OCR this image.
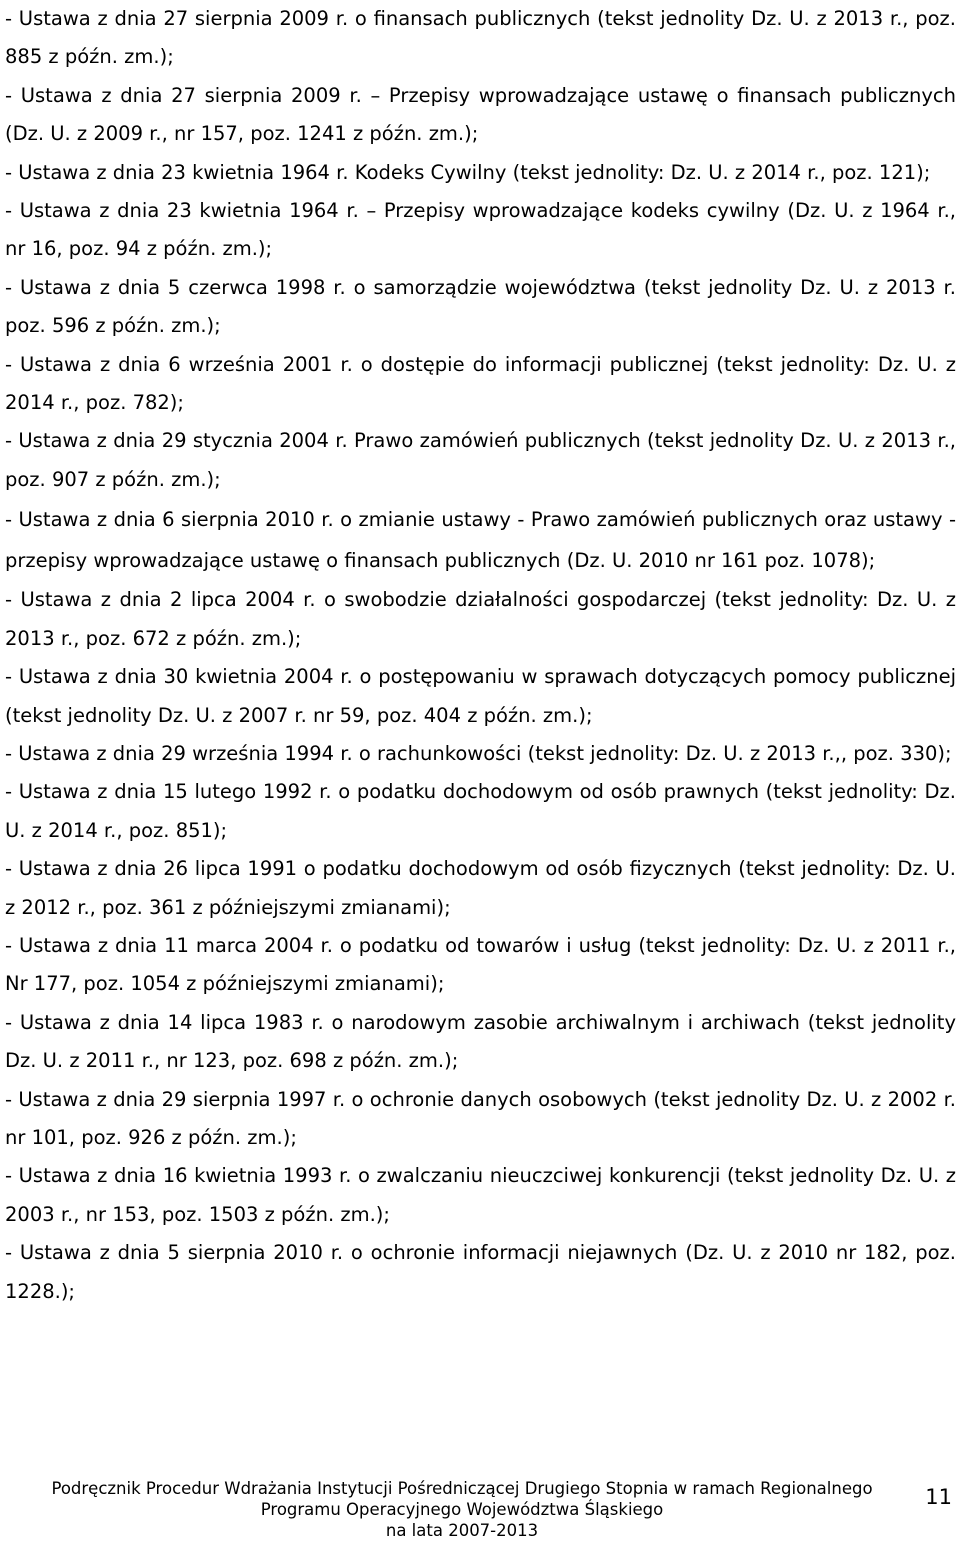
- Ustawa z dnia 27 sierpnia 2009 r. o finansach publicznych (tekst jednolity Dz. U. z 2013 r., poz. 885 z późn. zm.);

- Ustawa z dnia 27 sierpnia 2009 r. – Przepisy wprowadzające ustawę o finansach publicznych (Dz. U. z 2009 r., nr 157, poz. 1241 z późn. zm.);

- Ustawa z dnia 23 kwietnia 1964 r. Kodeks Cywilny (tekst jednolity: Dz. U. z 2014 r., poz. 121);

- Ustawa z dnia 23 kwietnia 1964 r. – Przepisy wprowadzające kodeks cywilny (Dz. U. z 1964 r., nr 16, poz. 94 z późn. zm.);

- Ustawa z dnia 5 czerwca 1998 r. o samorządzie województwa (tekst jednolity Dz. U. z 2013 r. poz. 596 z późn. zm.);

- Ustawa z dnia 6 września 2001 r. o dostępie do informacji publicznej (tekst jednolity: Dz. U. z 2014 r., poz. 782);

- Ustawa z dnia 29 stycznia 2004 r. Prawo zamówień publicznych (tekst jednolity Dz. U. z 2013 r., poz. 907 z późn. zm.);

- Ustawa z dnia 6 sierpnia 2010 r. o zmianie ustawy - Prawo zamówień publicznych oraz ustawy - przepisy wprowadzające ustawę o finansach publicznych (Dz. U. 2010 nr 161 poz. 1078);

- Ustawa z dnia 2 lipca 2004 r. o swobodzie działalności gospodarczej (tekst jednolity: Dz. U. z 2013 r., poz. 672 z późn. zm.);

- Ustawa z dnia 30 kwietnia 2004 r. o postępowaniu w sprawach dotyczących pomocy publicznej (tekst jednolity Dz. U. z 2007 r. nr 59, poz. 404 z późn. zm.);

- Ustawa z dnia 29 września 1994 r. o rachunkowości (tekst jednolity: Dz. U. z 2013 r.,, poz. 330);

- Ustawa z dnia 15 lutego 1992 r. o podatku dochodowym od osób prawnych (tekst jednolity: Dz. U. z 2014 r., poz. 851);

- Ustawa z dnia 26 lipca 1991 o podatku dochodowym od osób fizycznych (tekst jednolity: Dz. U. z 2012 r., poz. 361 z późniejszymi zmianami);

- Ustawa z dnia 11 marca 2004 r. o podatku od towarów i usług (tekst jednolity: Dz. U. z 2011 r., Nr 177, poz. 1054 z późniejszymi zmianami);

- Ustawa z dnia 14 lipca 1983 r. o narodowym zasobie archiwalnym i archiwach (tekst jednolity Dz. U. z 2011 r., nr 123, poz. 698 z późn. zm.);

- Ustawa z dnia 29 sierpnia 1997 r. o ochronie danych osobowych (tekst jednolity Dz. U. z 2002 r. nr 101, poz. 926 z późn. zm.);

- Ustawa z dnia 16 kwietnia 1993 r. o zwalczaniu nieuczciwej konkurencji (tekst jednolity Dz. U. z 2003 r., nr 153, poz. 1503 z późn. zm.);

- Ustawa z dnia 5 sierpnia 2010 r. o ochronie informacji niejawnych (Dz. U. z 2010 nr 182, poz. 1228.);

Podręcznik Procedur Wdrażania Instytucji Pośredniczącej Drugiego Stopnia w ramach Regionalnego
Programu Operacyjnego Województwa Śląskiego
na lata 2007-2013
11
